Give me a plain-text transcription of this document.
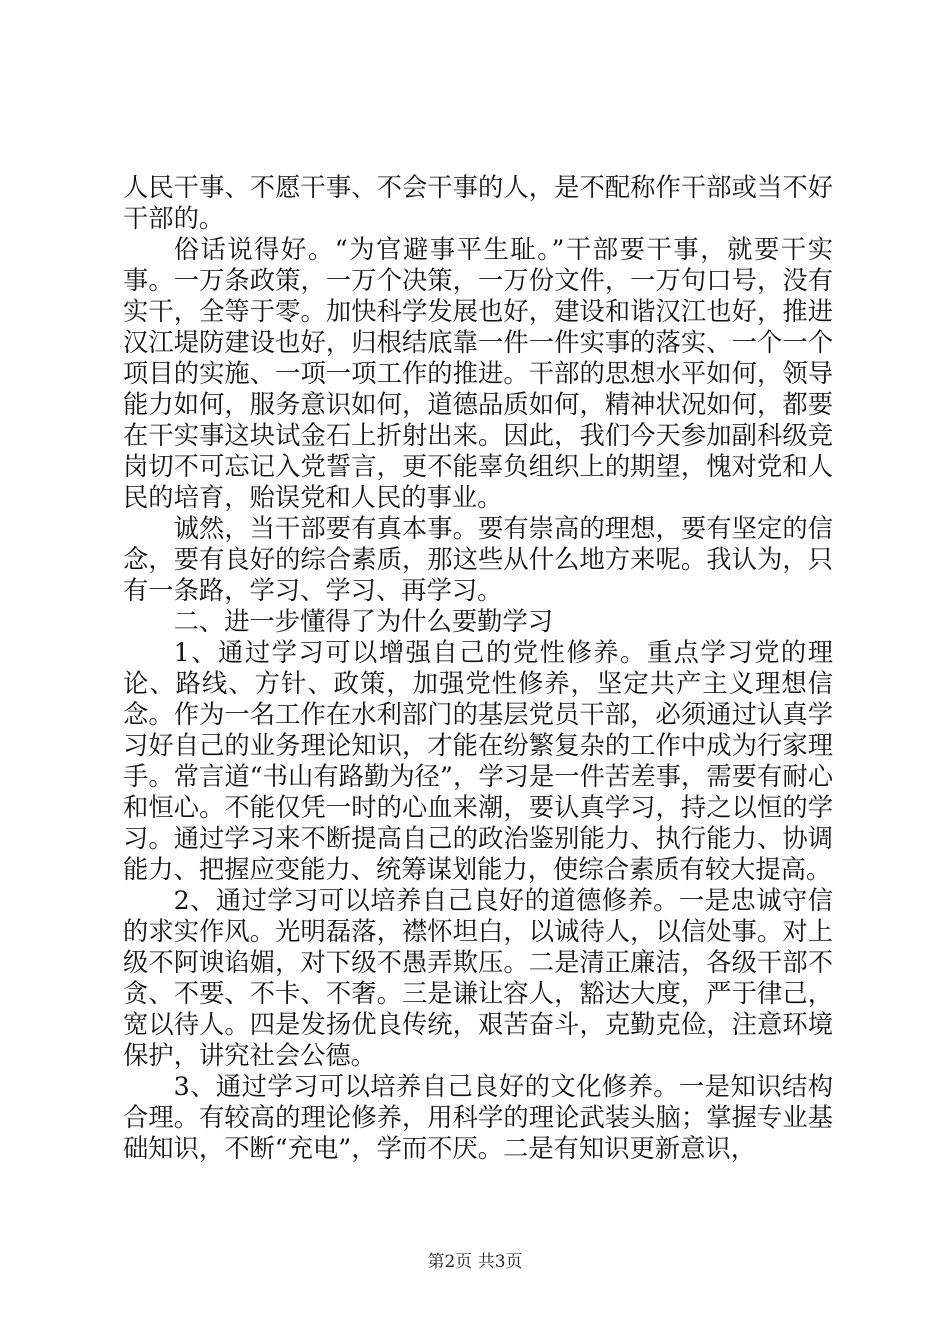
人民干事、不愿干事、不会干事的人，是不配称作干部或当不好干部的。

俗话说得好。“为官避事平生耻。”干部要干事，就要干实事。一万条政策，一万个决策，一万份文件，一万句口号，没有实干，全等于零。加快科学发展也好，建设和谐汉江也好，推进汉江堤防建设也好，归根结底靠一件一件实事的落实、一个一个项目的实施、一项一项工作的推进。干部的思想水平如何，领导能力如何，服务意识如何，道德品质如何，精神状况如何，都要在干实事这块试金石上折射出来。因此，我们今天参加副科级竞岗切不可忘记入党誓言，更不能辜负组织上的期望，愧对党和人民的培育，贻误党和人民的事业。

诚然，当干部要有真本事。要有崇高的理想，要有坚定的信念，要有良好的综合素质，那这些从什么地方来呢。我认为，只有一条路，学习、学习、再学习。

二、进一步懂得了为什么要勤学习

1、通过学习可以增强自己的党性修养。重点学习党的理论、路线、方针、政策，加强党性修养，坚定共产主义理想信念。作为一名工作在水利部门的基层党员干部，必须通过认真学习好自己的业务理论知识，才能在纷繁复杂的工作中成为行家理手。常言道“书山有路勤为径”，学习是一件苦差事，需要有耐心和恒心。不能仅凭一时的心血来潮，要认真学习，持之以恒的学习。通过学习来不断提高自己的政治鉴别能力、执行能力、协调能力、把握应变能力、统筹谋划能力，使综合素质有较大提高。

2、通过学习可以培养自己良好的道德修养。一是忠诚守信的求实作风。光明磊落，襟怀坦白，以诚待人，以信处事。对上级不阿谀谄媚，对下级不愚弄欺压。二是清正廉洁，各级干部不贪、不要、不卡、不奢。三是谦让容人，豁达大度，严于律己，宽以待人。四是发扬优良传统，艰苦奋斗，克勤克俭，注意环境保护，讲究社会公德。

3、通过学习可以培养自己良好的文化修养。一是知识结构合理。有较高的理论修养，用科学的理论武装头脑；掌握专业基础知识，不断“充电”，学而不厌。二是有知识更新意识，

第2页 共3页
